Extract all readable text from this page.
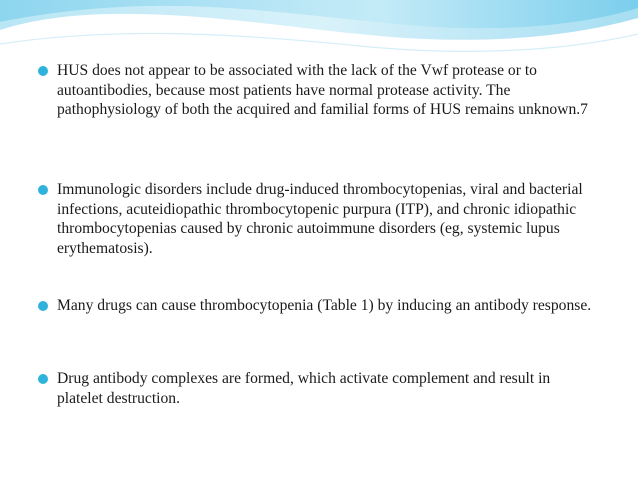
HUS does not appear to be associated with the lack of the Vwf protease or to autoantibodies, because most patients have normal protease activity. The pathophysiology of both the acquired and familial forms of HUS remains unknown.7
Immunologic disorders include drug-induced thrombocytopenias, viral and bacterial infections, acuteidiopathic thrombocytopenic purpura (ITP), and chronic idiopathic thrombocytopenias caused by chronic autoimmune disorders (eg, systemic lupus erythematosis).
Many drugs can cause thrombocytopenia (Table 1) by inducing an antibody response.
Drug antibody complexes are formed, which activate complement and result in platelet destruction.
